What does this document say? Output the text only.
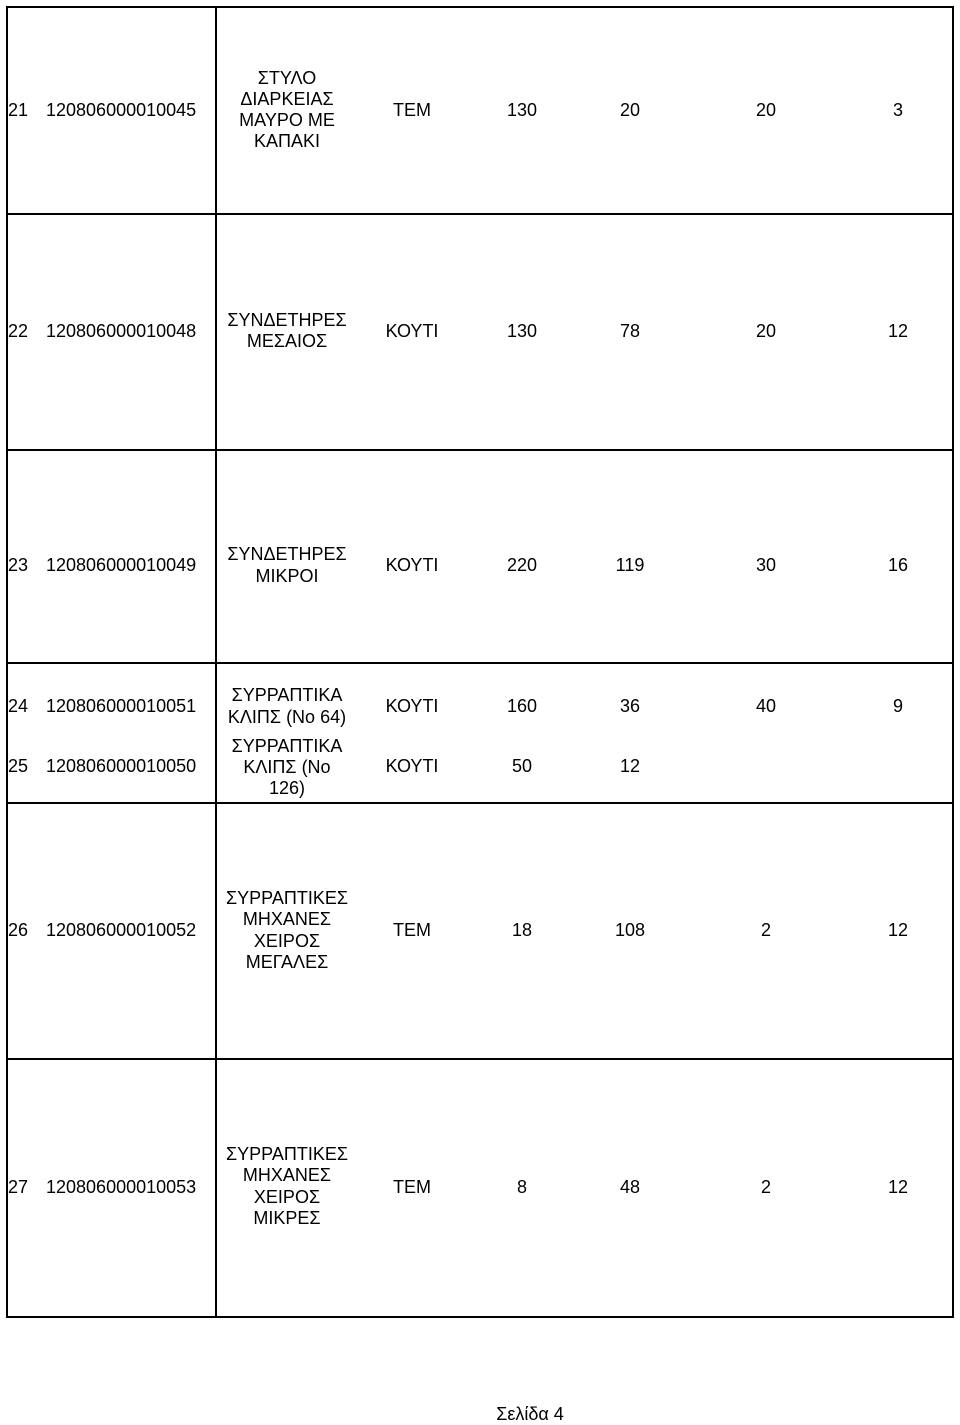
21 120806000010045
ΣΤΥΛΟ
ΔΙΑΡΚΕΙΑΣ
ΜΑΥΡΟ ΜΕ
ΚΑΠΑΚΙ
TEM	130	20	20	3
22 120806000010048
ΣΥΝΔΕΤΗΡΕΣ
ΜΕΣΑΙΟΣ	ΚΟΥΤΙ	130	78	20	12
23 120806000010049
ΣΥΝΔΕΤΗΡΕΣ
ΜΙΚΡΟΙ
ΚΟΥΤΙ	220	119	30	16
24 120806000010051
ΣΥΡΡΑΠΤΙΚΑ
ΚΛΙΠΣ (Νο 64)
ΚΟΥΤΙ	160	36	40	9
25 120806000010050
ΣΥΡΡΑΠΤΙΚΑ
ΚΛΙΠΣ (Νο
126)
ΚΟΥΤΙ	50	12
26 120806000010052
ΣΥΡΡΑΠΤΙΚΕΣ
ΜΗΧΑΝΕΣ
ΧΕΙΡΟΣ
ΜΕΓΑΛΕΣ
TEM	18	108	2	12
27 120806000010053
ΣΥΡΡΑΠΤΙΚΕΣ
ΜΗΧΑΝΕΣ
ΧΕΙΡΟΣ
ΜΙΚΡΕΣ
TEM	8	48	2	12
Σελίδα 4
